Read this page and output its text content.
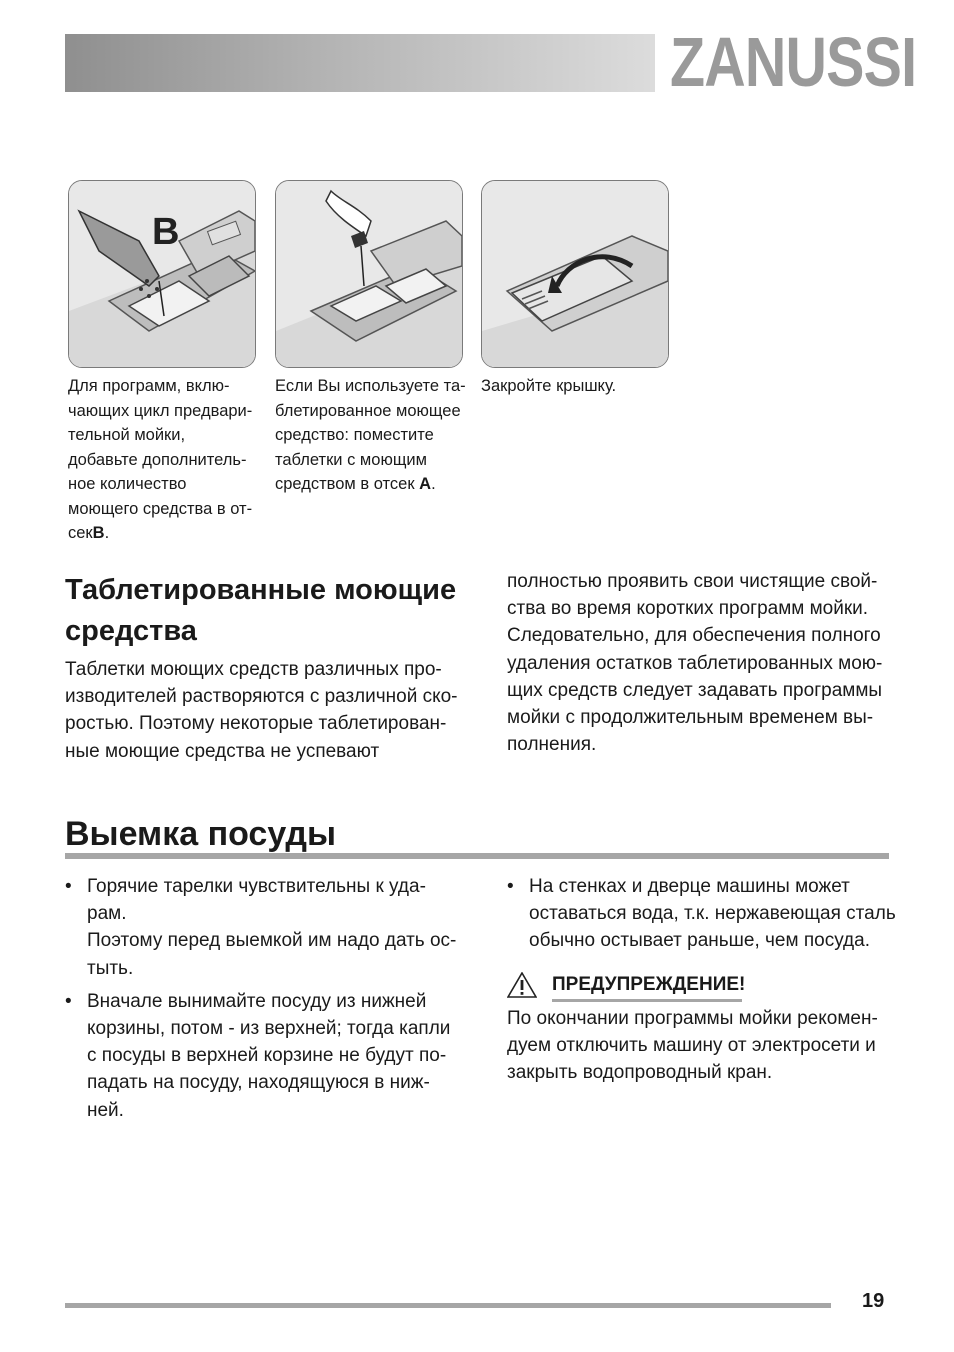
ZANUSSI
B
Для программ, вклю-
чающих цикл предвари-
тельной мойки,
добавьте дополнитель-
ное количество
моющего средства в от-
секB.
Если Вы используете та-
блетированное моющее
средство: поместите
таблетки с моющим
средством в отсек A.
Закройте крышку.
Таблетированные моющие
средства
Таблетки моющих средств различных про-
изводителей растворяются с различной ско-
ростью. Поэтому некоторые таблетирован-
ные моющие средства не успевают
полностью проявить свои чистящие свой-
ства во время коротких программ мойки.
Следовательно, для обеспечения полного
удаления остатков таблетированных мою-
щих средств следует задавать программы
мойки с продолжительным временем вы-
полнения.
Выемка посуды
• Горячие тарелки чувствительны к уда-
рам.
Поэтому перед выемкой им надо дать ос-
тыть.
• Вначале вынимайте посуду из нижней
корзины, потом - из верхней; тогда капли
с посуды в верхней корзине не будут по-
падать на посуду, находящуюся в ниж-
ней.
• На стенках и дверце машины может
оставаться вода, т.к. нержавеющая сталь
обычно остывает раньше, чем посуда.
ПРЕДУПРЕЖДЕНИЕ!
По окончании программы мойки рекомен-
дуем отключить машину от электросети и
закрыть водопроводный кран.
19
